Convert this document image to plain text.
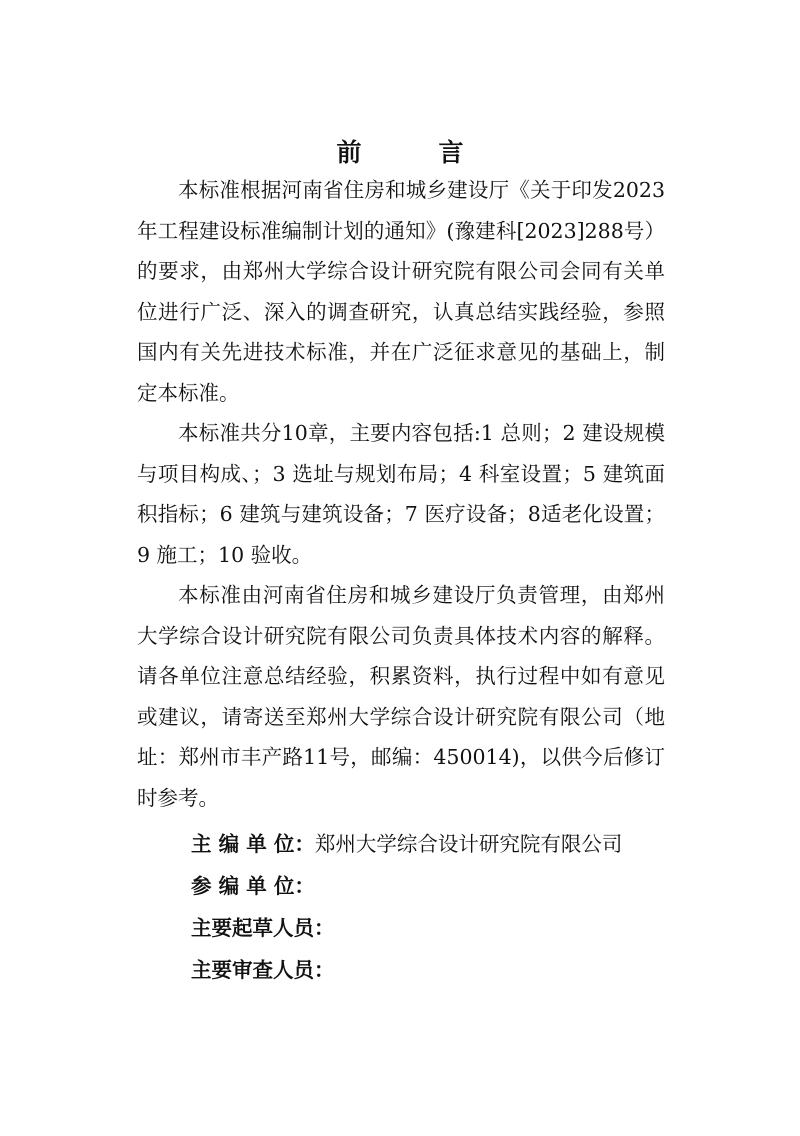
前　言

本标准根据河南省住房和城乡建设厅《关于印发2023年工程建设标准编制计划的通知》(豫建科[2023]288号）的要求，由郑州大学综合设计研究院有限公司会同有关单位进行广泛、深入的调查研究，认真总结实践经验，参照国内有关先进技术标准，并在广泛征求意见的基础上，制定本标准。

本标准共分10章，主要内容包括:1 总则；2 建设规模与项目构成、；3 选址与规划布局；4 科室设置；5 建筑面积指标；6 建筑与建筑设备；7 医疗设备；8适老化设置；9 施工；10 验收。

本标准由河南省住房和城乡建设厅负责管理，由郑州大学综合设计研究院有限公司负责具体技术内容的解释。请各单位注意总结经验，积累资料，执行过程中如有意见或建议，请寄送至郑州大学综合设计研究院有限公司（地址：郑州市丰产路11号，邮编：450014)，以供今后修订时参考。

主 编 单 位：郑州大学综合设计研究院有限公司
参 编 单 位：
主要起草人员：
主要审查人员：
